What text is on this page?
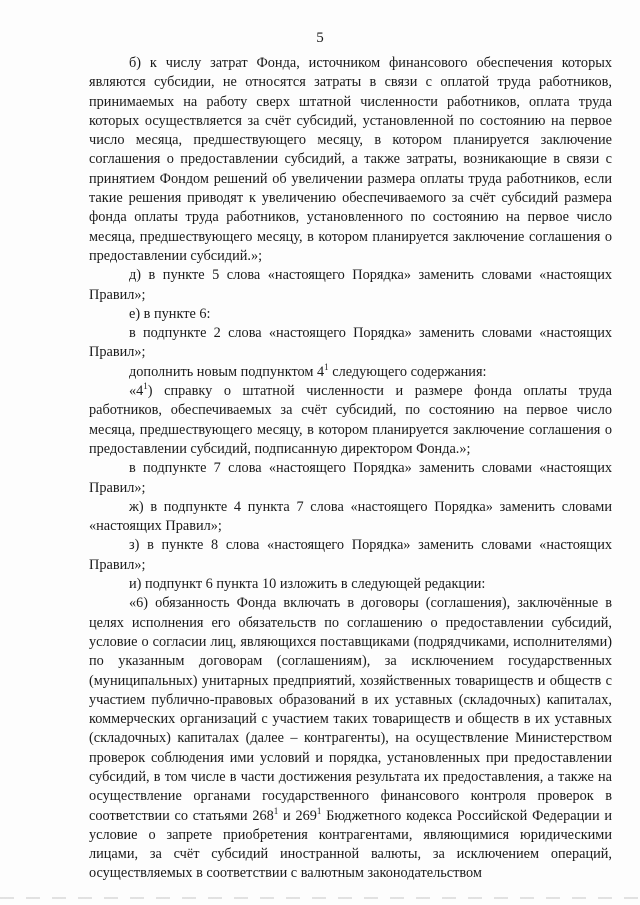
5

б) к числу затрат Фонда, источником финансового обеспечения которых являются субсидии, не относятся затраты в связи с оплатой труда работников, принимаемых на работу сверх штатной численности работников, оплата труда которых осуществляется за счёт субсидий, установленной по состоянию на первое число месяца, предшествующего месяцу, в котором планируется заключение соглашения о предоставлении субсидий, а также затраты, возникающие в связи с принятием Фондом решений об увеличении размера оплаты труда работников, если такие решения приводят к увеличению обеспечиваемого за счёт субсидий размера фонда оплаты труда работников, установленного по состоянию на первое число месяца, предшествующего месяцу, в котором планируется заключение соглашения о предоставлении субсидий.»;

д) в пункте 5 слова «настоящего Порядка» заменить словами «настоящих Правил»;

е) в пункте 6:

в подпункте 2 слова «настоящего Порядка» заменить словами «настоящих Правил»;

дополнить новым подпунктом $4^1$ следующего содержания:

«$4^1$) справку о штатной численности и размере фонда оплаты труда работников, обеспечиваемых за счёт субсидий, по состоянию на первое число месяца, предшествующего месяцу, в котором планируется заключение соглашения о предоставлении субсидий, подписанную директором Фонда.»;

в подпункте 7 слова «настоящего Порядка» заменить словами «настоящих Правил»;

ж) в подпункте 4 пункта 7 слова «настоящего Порядка» заменить словами «настоящих Правил»;

з) в пункте 8 слова «настоящего Порядка» заменить словами «настоящих Правил»;

и) подпункт 6 пункта 10 изложить в следующей редакции:

«6) обязанность Фонда включать в договоры (соглашения), заключённые в целях исполнения его обязательств по соглашению о предоставлении субсидий, условие о согласии лиц, являющихся поставщиками (подрядчиками, исполнителями) по указанным договорам (соглашениям), за исключением государственных (муниципальных) унитарных предприятий, хозяйственных товариществ и обществ с участием публично-правовых образований в их уставных (складочных) капиталах, коммерческих организаций с участием таких товариществ и обществ в их уставных (складочных) капиталах (далее – контрагенты), на осуществление Министерством проверок соблюдения ими условий и порядка, установленных при предоставлении субсидий, в том числе в части достижения результата их предоставления, а также на осуществление органами государственного финансового контроля проверок в соответствии со статьями $268^1$ и $269^1$ Бюджетного кодекса Российской Федерации и условие о запрете приобретения контрагентами, являющимися юридическими лицами, за счёт субсидий иностранной валюты, за исключением операций, осуществляемых в соответствии с валютным законодательством
